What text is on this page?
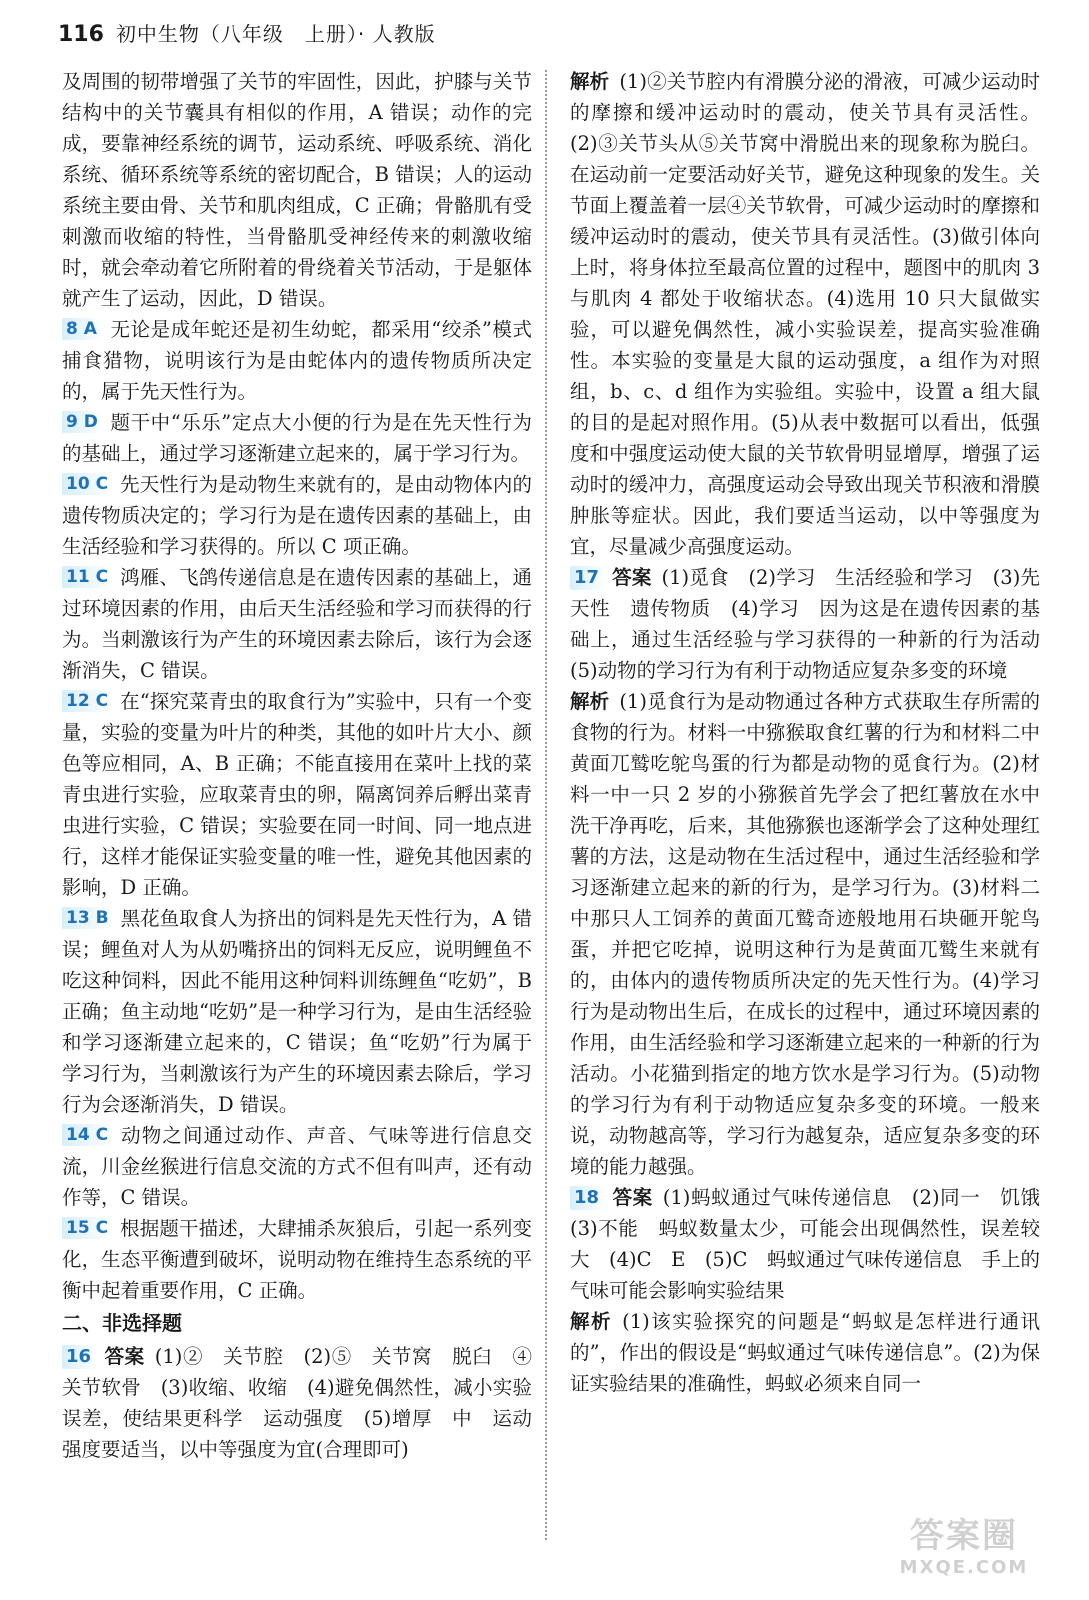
116 初中生物（八年级　上册）· 人教版

及周围的韧带增强了关节的牢固性，因此，护膝与关节结构中的关节囊具有相似的作用，A 错误；动作的完成，要靠神经系统的调节，运动系统、呼吸系统、消化系统、循环系统等系统的密切配合，B 错误；人的运动系统主要由骨、关节和肌肉组成，C 正确；骨骼肌有受刺激而收缩的特性，当骨骼肌受神经传来的刺激收缩时，就会牵动着它所附着的骨绕着关节活动，于是躯体就产生了运动，因此，D 错误。

8 A 无论是成年蛇还是初生幼蛇，都采用“绞杀”模式捕食猎物，说明该行为是由蛇体内的遗传物质所决定的，属于先天性行为。

9 D 题干中“乐乐”定点大小便的行为是在先天性行为的基础上，通过学习逐渐建立起来的，属于学习行为。

10 C 先天性行为是动物生来就有的，是由动物体内的遗传物质决定的；学习行为是在遗传因素的基础上，由生活经验和学习获得的。所以 C 项正确。

11 C 鸿雁、飞鸽传递信息是在遗传因素的基础上，通过环境因素的作用，由后天生活经验和学习而获得的行为。当刺激该行为产生的环境因素去除后，该行为会逐渐消失，C 错误。

12 C 在“探究菜青虫的取食行为”实验中，只有一个变量，实验的变量为叶片的种类，其他的如叶片大小、颜色等应相同，A、B 正确；不能直接用在菜叶上找的菜青虫进行实验，应取菜青虫的卵，隔离饲养后孵出菜青虫进行实验，C 错误；实验要在同一时间、同一地点进行，这样才能保证实验变量的唯一性，避免其他因素的影响，D 正确。

13 B 黑花鱼取食人为挤出的饲料是先天性行为，A 错误；鲤鱼对人为从奶嘴挤出的饲料无反应，说明鲤鱼不吃这种饲料，因此不能用这种饲料训练鲤鱼“吃奶”，B 正确；鱼主动地“吃奶”是一种学习行为，是由生活经验和学习逐渐建立起来的，C 错误；鱼“吃奶”行为属于学习行为，当刺激该行为产生的环境因素去除后，学习行为会逐渐消失，D 错误。

14 C 动物之间通过动作、声音、气味等进行信息交流，川金丝猴进行信息交流的方式不但有叫声，还有动作等，C 错误。

15 C 根据题干描述，大肆捕杀灰狼后，引起一系列变化，生态平衡遭到破坏，说明动物在维持生态系统的平衡中起着重要作用，C 正确。

二、非选择题

16 答案 (1)②　关节腔　(2)⑤　关节窝　脱臼　④　关节软骨　(3)收缩、收缩　(4)避免偶然性，减小实验误差，使结果更科学　运动强度　(5)增厚　中　运动强度要适当，以中等强度为宜(合理即可)

解析 (1)②关节腔内有滑膜分泌的滑液，可减少运动时的摩擦和缓冲运动时的震动，使关节具有灵活性。(2)③关节头从⑤关节窝中滑脱出来的现象称为脱臼。在运动前一定要活动好关节，避免这种现象的发生。关节面上覆盖着一层④关节软骨，可减少运动时的摩擦和缓冲运动时的震动，使关节具有灵活性。(3)做引体向上时，将身体拉至最高位置的过程中，题图中的肌肉 3 与肌肉 4 都处于收缩状态。(4)选用 10 只大鼠做实验，可以避免偶然性，减小实验误差，提高实验准确性。本实验的变量是大鼠的运动强度，a 组作为对照组，b、c、d 组作为实验组。实验中，设置 a 组大鼠的目的是起对照作用。(5)从表中数据可以看出，低强度和中强度运动使大鼠的关节软骨明显增厚，增强了运动时的缓冲力，高强度运动会导致出现关节积液和滑膜肿胀等症状。因此，我们要适当运动，以中等强度为宜，尽量减少高强度运动。

17 答案 (1)觅食　(2)学习　生活经验和学习　(3)先天性　遗传物质　(4)学习　因为这是在遗传因素的基础上，通过生活经验与学习获得的一种新的行为活动　(5)动物的学习行为有利于动物适应复杂多变的环境

解析 (1)觅食行为是动物通过各种方式获取生存所需的食物的行为。材料一中猕猴取食红薯的行为和材料二中黄面兀鹫吃鸵鸟蛋的行为都是动物的觅食行为。(2)材料一中一只 2 岁的小猕猴首先学会了把红薯放在水中洗干净再吃，后来，其他猕猴也逐渐学会了这种处理红薯的方法，这是动物在生活过程中，通过生活经验和学习逐渐建立起来的新的行为，是学习行为。(3)材料二中那只人工饲养的黄面兀鹫奇迹般地用石块砸开鸵鸟蛋，并把它吃掉，说明这种行为是黄面兀鹫生来就有的，由体内的遗传物质所决定的先天性行为。(4)学习行为是动物出生后，在成长的过程中，通过环境因素的作用，由生活经验和学习逐渐建立起来的一种新的行为活动。小花猫到指定的地方饮水是学习行为。(5)动物的学习行为有利于动物适应复杂多变的环境。一般来说，动物越高等，学习行为越复杂，适应复杂多变的环境的能力越强。

18 答案 (1)蚂蚁通过气味传递信息　(2)同一　饥饿　(3)不能　蚂蚁数量太少，可能会出现偶然性，误差较大　(4)C　E　(5)C　蚂蚁通过气味传递信息　手上的气味可能会影响实验结果

解析 (1)该实验探究的问题是“蚂蚁是怎样进行通讯的”，作出的假设是“蚂蚁通过气味传递信息”。(2)为保证实验结果的准确性，蚂蚁必须来自同一

答案圈
MXQE.COM
